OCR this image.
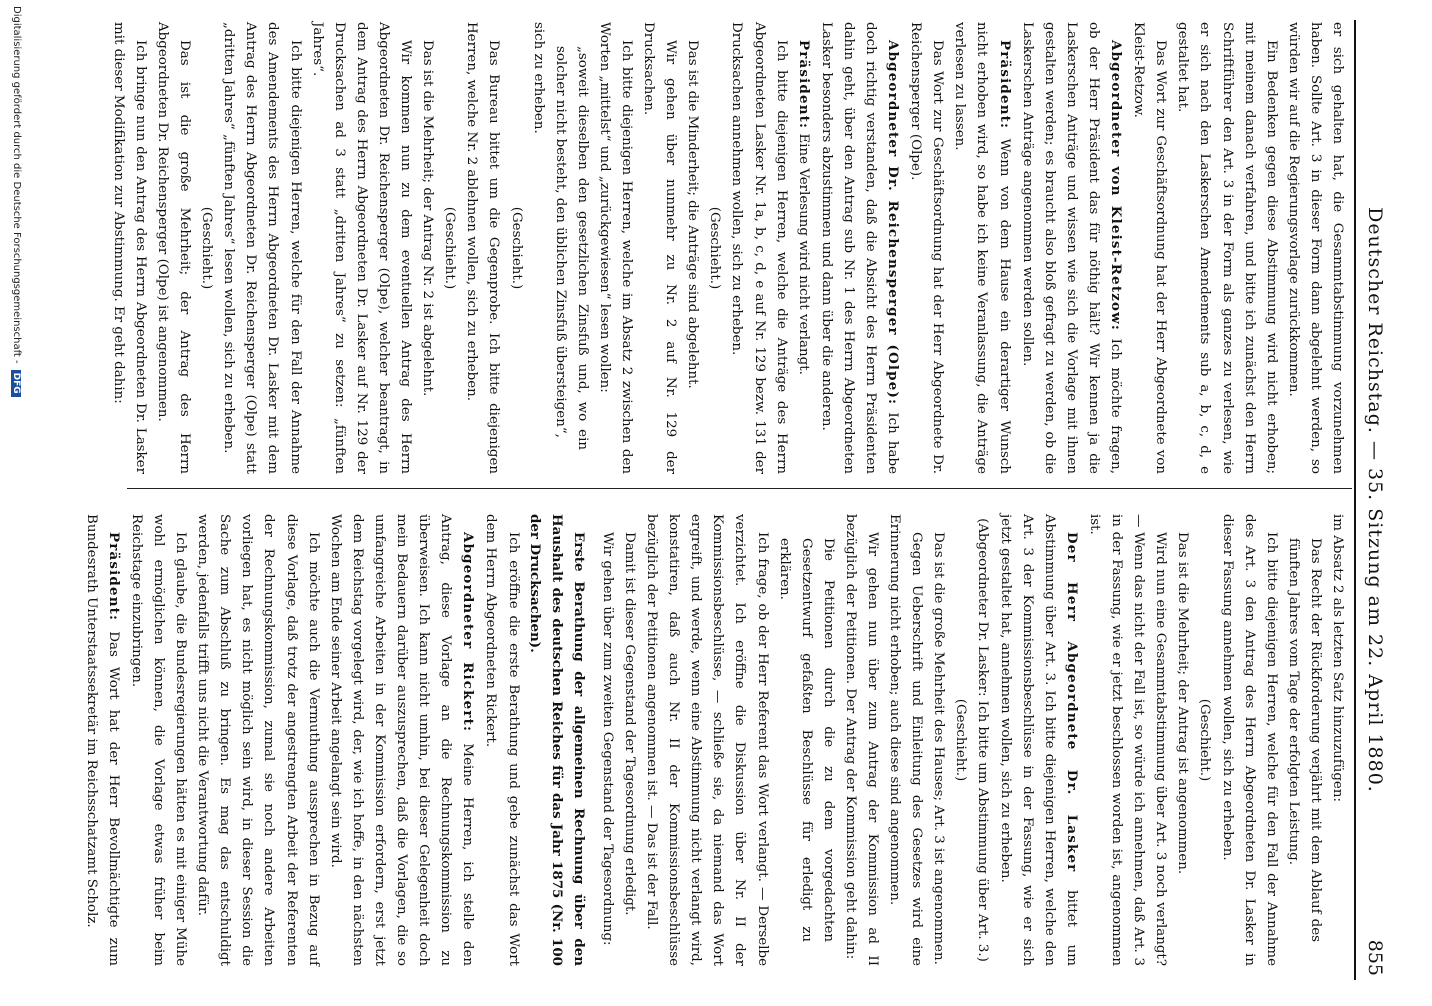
Deutscher Reichstag. — 35. Sitzung am 22. April 1880.
855

er sich gehalten hat, die Gesammtabstimmung vorzunehmen haben. Sollte Art. 3 in dieser Form dann abgelehnt werden, so würden wir auf die Regierungsvorlage zurückkommen.

Ein Bedenken gegen diese Abstimmung wird nicht erhoben; mit meinem danach verfahren, und bitte ich zunächst den Herrn Schriftführer den Art. 3 in der Form als ganzes zu verlesen, wie er sich nach den Laskerschen Amendements sub a, b, c, d, e gestaltet hat.

Das Wort zur Geschäftsordnung hat der Herr Abgeordnete von Kleist-Retzow.

Abgeordneter von Kleist-Retzow: Ich möchte fragen, ob der Herr Präsident das für nöthig hält? Wir kennen ja die Laskerschen Anträge und wissen wie sich die Vorlage mit ihnen gestalten werden; es braucht also bloß gefragt zu werden, ob die Laskerschen Anträge angenommen werden sollen.

Präsident: Wenn von dem Hause ein derartiger Wunsch nicht erhoben wird, so habe ich keine Veranlassung, die Anträge verlesen zu lassen.

Das Wort zur Geschäftsordnung hat der Herr Abgeordnete Dr. Reichensperger (Olpe).

Abgeordneter Dr. Reichensperger (Olpe): Ich habe doch richtig verstanden, daß die Absicht des Herrn Präsidenten dahin geht, über den Antrag sub Nr. 1 des Herrn Abgeordneten Lasker besonders abzustimmen und dann über die anderen.

Präsident: Eine Verlesung wird nicht verlangt.

Ich bitte diejenigen Herren, welche die Anträge des Herrn Abgeordneten Lasker Nr. 1a, b, c, d, e auf Nr. 129 bezw. 131 der Drucksachen annehmen wollen, sich zu erheben.

(Geschieht.)

Das ist die Minderheit; die Anträge sind abgelehnt.

Wir gehen über nunmehr zu Nr. 2 auf Nr. 129 der Drucksachen.

Ich bitte diejenigen Herren, welche im Absatz 2 zwischen den Worten „mittelst“ und „zurückgewiesen“ lesen wollen:

„soweit dieselben den gesetzlichen Zinsfuß und, wo ein solcher nicht besteht, den üblichen Zinsfuß übersteigen“,

sich zu erheben.

(Geschieht.)

Das Bureau bittet um die Gegenprobe. Ich bitte diejenigen Herren, welche Nr. 2 ablehnen wollen, sich zu erheben.

(Geschieht.)

Das ist die Mehrheit; der Antrag Nr. 2 ist abgelehnt.

Wir kommen nun zu dem eventuellen Antrag des Herrn Abgeordneten Dr. Reichensperger (Olpe), welcher beantragt, in dem Antrag des Herrn Abgeordneten Dr. Lasker auf Nr. 129 der Drucksachen ad 3 statt „dritten Jahres“ zu setzen: „fünften Jahres“.

Ich bitte diejenigen Herren, welche für den Fall der Annahme des Amendements des Herrn Abgeordneten Dr. Lasker mit dem Antrag des Herrn Abgeordneten Dr. Reichensperger (Olpe) statt „dritten Jahres“ „fünften Jahres“ lesen wollen, sich zu erheben.

(Geschieht.)

Das ist die große Mehrheit; der Antrag des Herrn Abgeordneten Dr. Reichensperger (Olpe) ist angenommen.

Ich bringe nun den Antrag des Herrn Abgeordneten Dr. Lasker mit dieser Modifikation zur Abstimmung. Er geht dahin:

im Absatz 2 als letzten Satz hinzuzufügen:

Das Recht der Rückforderung verjährt mit dem Ablauf des fünften Jahres vom Tage der erfolgten Leistung.

Ich bitte diejenigen Herren, welche für den Fall der Annahme des Art. 3 den Antrag des Herrn Abgeordneten Dr. Lasker in dieser Fassung annehmen wollen, sich zu erheben.

(Geschieht.)

Das ist die Mehrheit; der Antrag ist angenommen.

Wird nun eine Gesammtabstimmung über Art. 3 noch verlangt? — Wenn das nicht der Fall ist, so würde ich annehmen, daß Art. 3 in der Fassung, wie er jetzt beschlossen worden ist, angenommen ist.

Der Herr Abgeordnete Dr. Lasker bittet um Abstimmung über Art. 3. Ich bitte diejenigen Herren, welche den Art. 3 der Kommissionsbeschlüsse in der Fassung, wie er sich jetzt gestaltet hat, annehmen wollen, sich zu erheben.

(Abgeordneter Dr. Lasker: Ich bitte um Abstimmung über Art. 3.)

(Geschieht.)

Das ist die große Mehrheit des Hauses; Art. 3 ist angenommen.

Gegen Ueberschrift und Einleitung des Gesetzes wird eine Erinnerung nicht erhoben; auch diese sind angenommen.

Wir gehen nun über zum Antrag der Kommission ad II bezüglich der Petitionen. Der Antrag der Kommission geht dahin:

Die Petitionen durch die zu dem vorgedachten Gesetzentwurf gefaßten Beschlüsse für erledigt zu erklären.

Ich frage, ob der Herr Referent das Wort verlangt. — Derselbe verzichtet. Ich eröffne die Diskussion über Nr. II der Kommissionsbeschlüsse, — schließe sie, da niemand das Wort ergreift, und werde, wenn eine Abstimmung nicht verlangt wird, konstatiren, daß auch Nr. II der Kommissionsbeschlüsse bezüglich der Petitionen angenommen ist. — Das ist der Fall.

Damit ist dieser Gegenstand der Tagesordnung erledigt.

Wir gehen über zum zweiten Gegenstand der Tagesordnung:

Erste Berathung der allgemeinen Rechnung über den Haushalt des deutschen Reiches für das Jahr 1875 (Nr. 100 der Drucksachen).

Ich eröffne die erste Berathung und gebe zunächst das Wort dem Herrn Abgeordneten Rickert.

Abgeordneter Rickert: Meine Herren, ich stelle den Antrag, diese Vorlage an die Rechnungskommission zu überweisen. Ich kann nicht umhin, bei dieser Gelegenheit doch mein Bedauern darüber auszusprechen, daß die Vorlagen, die so umfangreiche Arbeiten in der Kommission erfordern, erst jetzt dem Reichstag vorgelegt wird, der, wie ich hoffe, in den nächsten Wochen am Ende seiner Arbeit angelangt sein wird.

Ich möchte auch die Vermuthung aussprechen in Bezug auf diese Vorlage, daß trotz der angestrengten Arbeit der Referenten der Rechnungskommission, zumal sie noch andere Arbeiten vorliegen hat, es nicht möglich sein wird, in dieser Session die Sache zum Abschluß zu bringen. Es mag das entschuldigt werden, jedenfalls trifft uns nicht die Verantwortung dafür.

Ich glaube, die Bundesregierungen hätten es mit einiger Mühe wohl ermöglichen können, die Vorlage etwas früher beim Reichstage einzubringen.

Präsident: Das Wort hat der Herr Bevollmächtigte zum Bundesrath Unterstaatssekretär im Reichsschatzamt Scholz.

Digitalisierung gefördert durch die Deutsche Forschungsgemeinschaft -DFG
